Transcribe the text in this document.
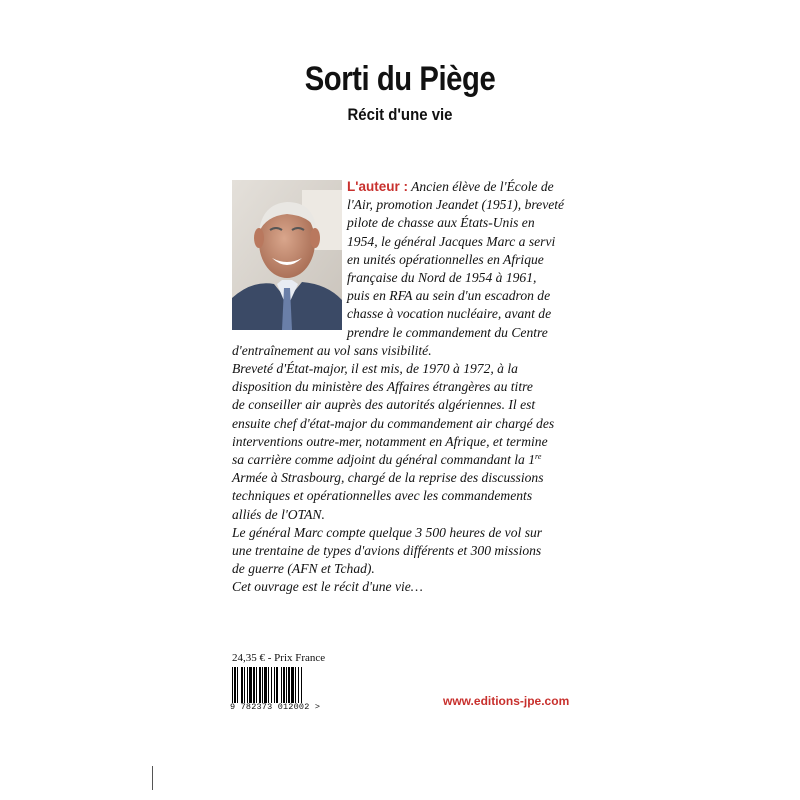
Sorti du Piège
Récit d'une vie
L'auteur : Ancien élève de l'École de
l'Air, promotion Jeandet (1951), breveté
pilote de chasse aux États-Unis en
1954, le général Jacques Marc a servi
en unités opérationnelles en Afrique
française du Nord de 1954 à 1961,
puis en RFA au sein d'un escadron de
chasse à vocation nucléaire, avant de
prendre le commandement du Centre
d'entraînement au vol sans visibilité.
Breveté d'État-major, il est mis, de 1970 à 1972, à la
disposition du ministère des Affaires étrangères au titre
de conseiller air auprès des autorités algériennes. Il est
ensuite chef d'état-major du commandement air chargé des
interventions outre-mer, notamment en Afrique, et termine
sa carrière comme adjoint du général commandant la 1re
Armée à Strasbourg, chargé de la reprise des discussions
techniques et opérationnelles avec les commandements
alliés de l'OTAN.
Le général Marc compte quelque 3 500 heures de vol sur
une trentaine de types d'avions différents et 300 missions
de guerre (AFN et Tchad).
Cet ouvrage est le récit d'une vie…
24,35 € - Prix France
9 782373 012002 >	www.editions-jpe.com
